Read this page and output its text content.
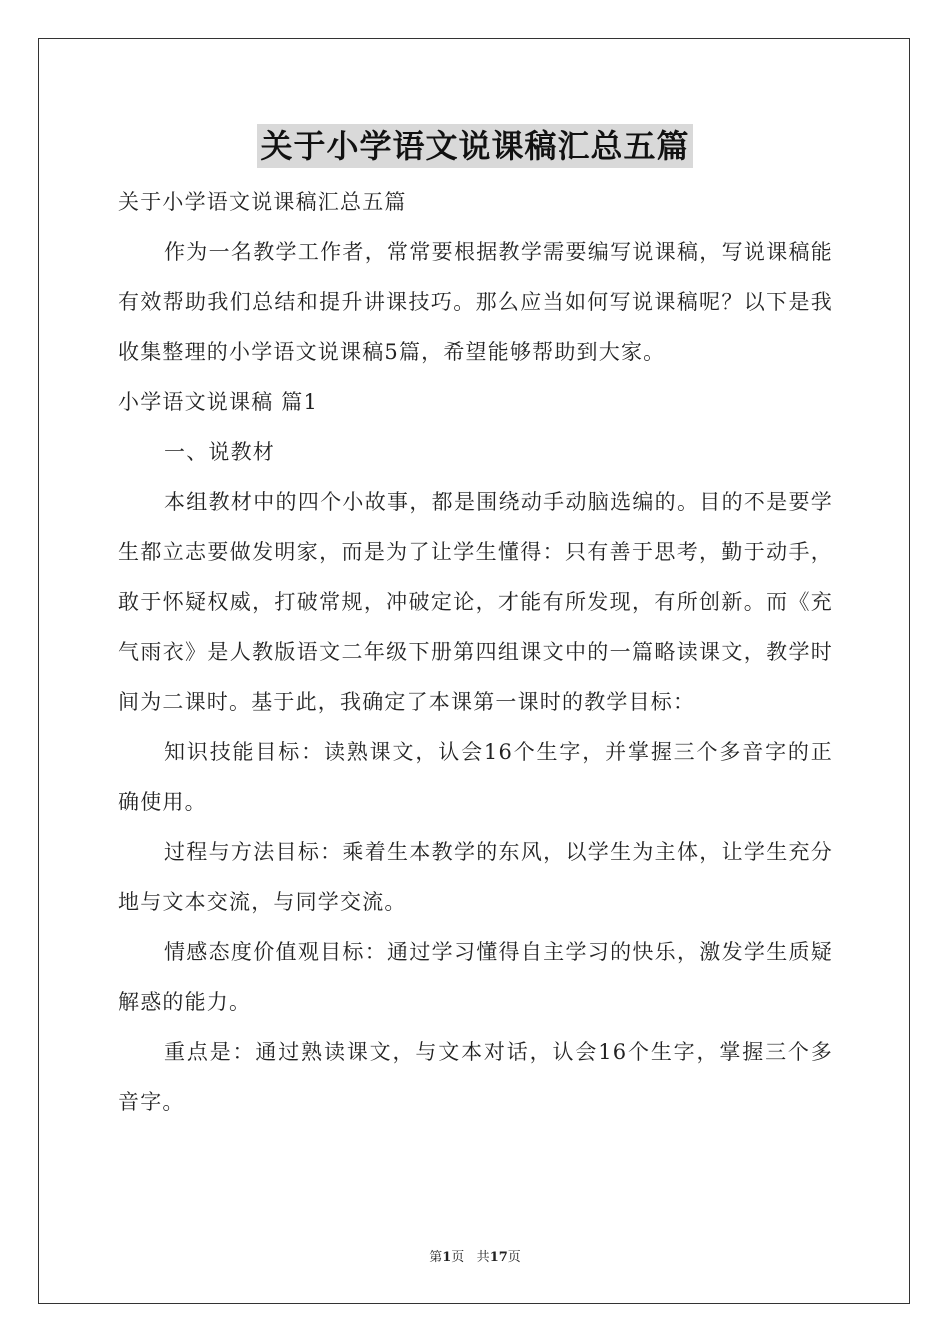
关于小学语文说课稿汇总五篇

关于小学语文说课稿汇总五篇

作为一名教学工作者，常常要根据教学需要编写说课稿，写说课稿能有效帮助我们总结和提升讲课技巧。那么应当如何写说课稿呢？以下是我收集整理的小学语文说课稿5篇，希望能够帮助到大家。

小学语文说课稿 篇1

一、说教材

本组教材中的四个小故事，都是围绕动手动脑选编的。目的不是要学生都立志要做发明家，而是为了让学生懂得：只有善于思考，勤于动手，敢于怀疑权威，打破常规，冲破定论，才能有所发现，有所创新。而《充气雨衣》是人教版语文二年级下册第四组课文中的一篇略读课文，教学时间为二课时。基于此，我确定了本课第一课时的教学目标：

知识技能目标：读熟课文，认会16个生字，并掌握三个多音字的正确使用。

过程与方法目标：乘着生本教学的东风，以学生为主体，让学生充分地与文本交流，与同学交流。

情感态度价值观目标：通过学习懂得自主学习的快乐，激发学生质疑解惑的能力。

重点是：通过熟读课文，与文本对话，认会16个生字，掌握三个多音字。

第1页 共17页
